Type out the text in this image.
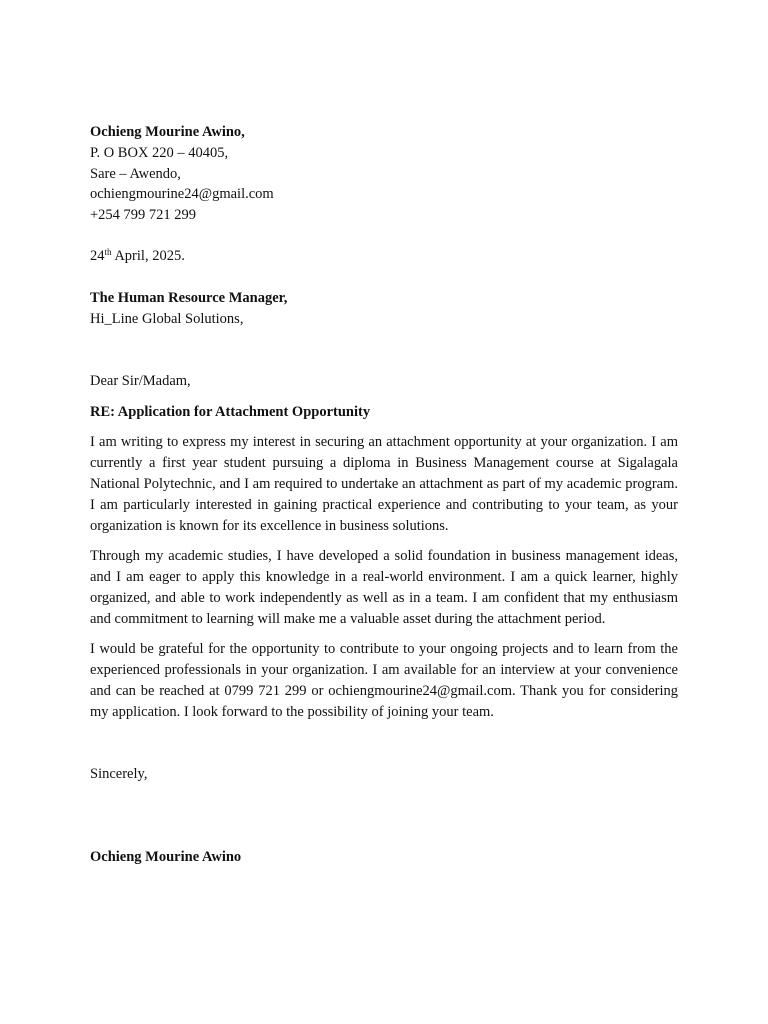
Ochieng Mourine Awino,
P. O BOX 220 – 40405,
Sare – Awendo,
ochiengmourine24@gmail.com
+254 799 721 299
24th April, 2025.
The Human Resource Manager,
Hi_Line Global Solutions,
Dear Sir/Madam,
RE: Application for Attachment Opportunity

I am writing to express my interest in securing an attachment opportunity at your organization. I am currently a first year student pursuing a diploma in Business Management course at Sigalagala National Polytechnic, and I am required to undertake an attachment as part of my academic program. I am particularly interested in gaining practical experience and contributing to your team, as your organization is known for its excellence in business solutions.

Through my academic studies, I have developed a solid foundation in business management ideas, and I am eager to apply this knowledge in a real-world environment. I am a quick learner, highly organized, and able to work independently as well as in a team. I am confident that my enthusiasm and commitment to learning will make me a valuable asset during the attachment period.

I would be grateful for the opportunity to contribute to your ongoing projects and to learn from the experienced professionals in your organization. I am available for an interview at your convenience and can be reached at 0799 721 299 or ochiengmourine24@gmail.com. Thank you for considering my application. I look forward to the possibility of joining your team.

Sincerely,
Ochieng Mourine Awino
